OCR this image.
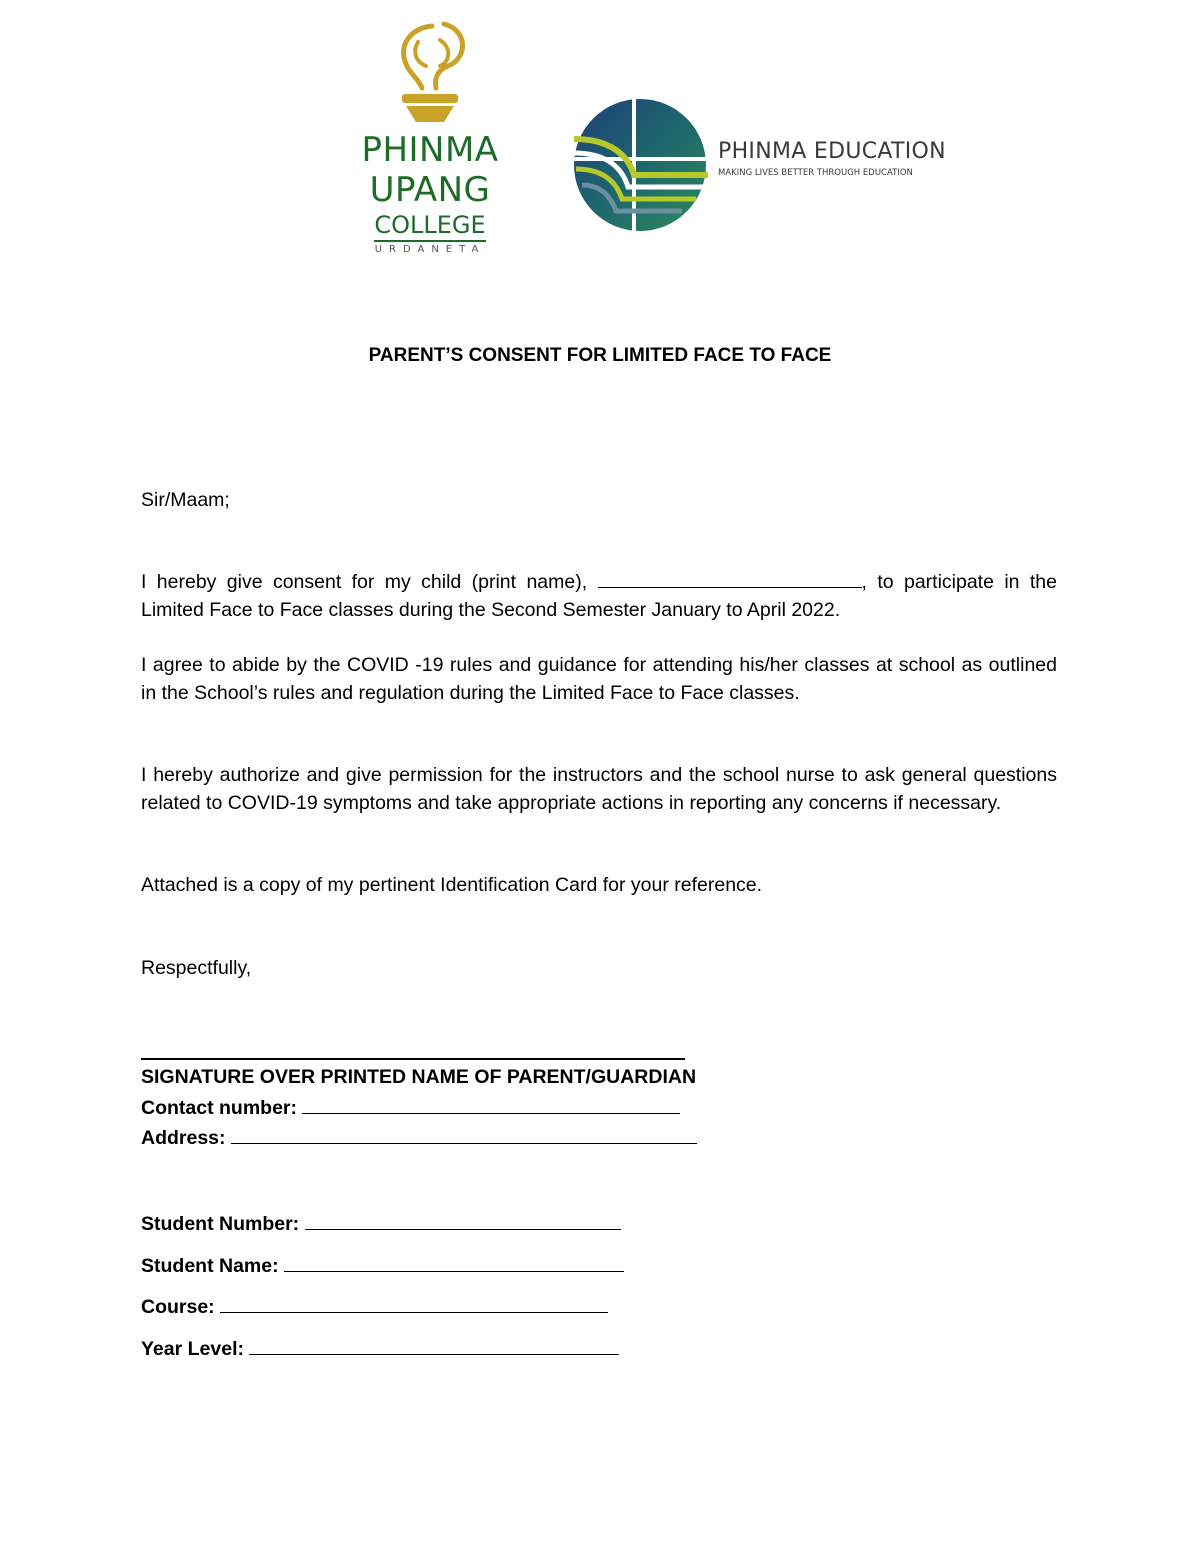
PHINMA
UPANG
COLLEGE
URDANETA
PHINMA EDUCATION
MAKING LIVES BETTER THROUGH EDUCATION
PARENT’S CONSENT FOR LIMITED FACE TO FACE
Sir/Maam;
I hereby give consent for my child (print name),	, to participate in the Limited Face to Face classes during the Second Semester January to April 2022.
I agree to abide by the COVID -19 rules and guidance for attending his/her classes at school as outlined in the School’s rules and regulation during the Limited Face to Face classes.
I hereby authorize and give permission for the instructors and the school nurse to ask general questions related to COVID-19 symptoms and take appropriate actions in reporting any concerns if necessary.
Attached is a copy of my pertinent Identification Card for your reference.
Respectfully,
SIGNATURE OVER PRINTED NAME OF PARENT/GUARDIAN
Contact number:
Address:
Student Number:
Student Name:
Course:
Year Level:
